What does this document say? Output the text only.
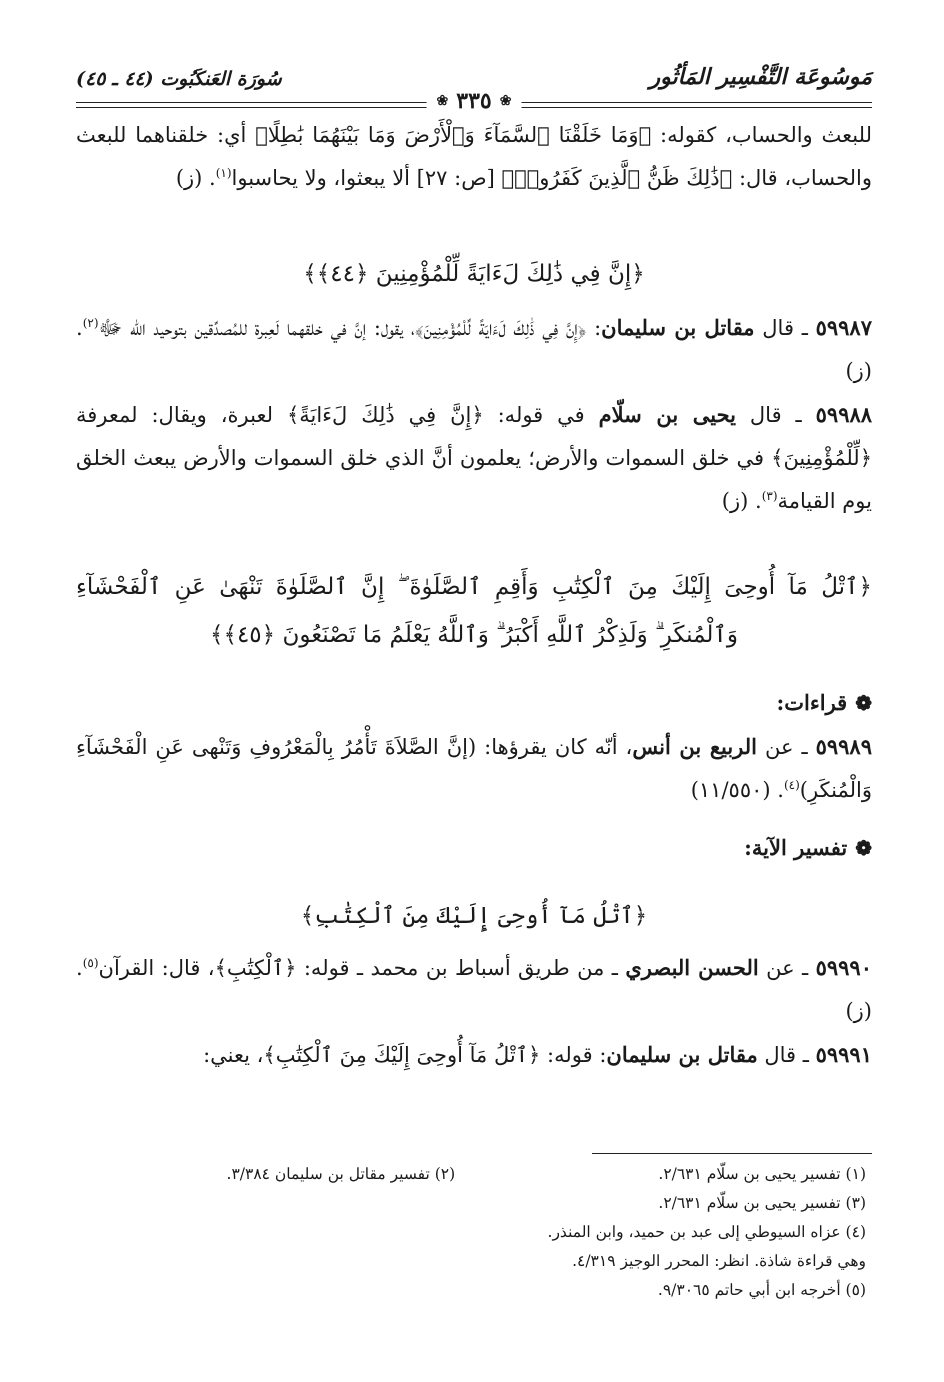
مَوسُوعَة التَّفْسِير المَأثُور
سُورَة العَنكَبُوت (٤٤ ـ ٤٥)
❀
٣٣٥
❀

للبعث والحساب، كقوله: ﴿وَمَا خَلَقْنَا ٱلسَّمَآءَ وَٱلْأَرْضَ وَمَا بَيْنَهُمَا بَٰطِلًا﴾ أي: خلقناهما للبعث والحساب، قال: ﴿ذَٰلِكَ ظَنُّ ٱلَّذِينَ كَفَرُوا۟﴾ [ص: ٢٧] ألا يبعثوا، ولا يحاسبوا$^{(١)}$. (ز)

﴿إِنَّ فِي ذَٰلِكَ لَءَايَةً لِّلْمُؤْمِنِينَ ﴿٤٤﴾﴾

٥٩٩٨٧ ـ قال مقاتل بن سليمان: ﴿إِنَّ فِي ذَٰلِكَ لَءَايَةً لِّلْمُؤْمِنِينَ﴾، يقول: إنَّ في خلقهما لَعِبرة للمُصدِّقين بتوحيد الله ﷻ$^{(٢)}$. (ز)

٥٩٩٨٨ ـ قال يحيى بن سلّام في قوله: ﴿إِنَّ فِي ذَٰلِكَ لَءَايَةً﴾ لعبرة، ويقال: لمعرفة ﴿لِّلْمُؤْمِنِينَ﴾ في خلق السموات والأرض؛ يعلمون أنَّ الذي خلق السموات والأرض يبعث الخلق يوم القيامة$^{(٣)}$. (ز)

﴿ٱتْلُ مَآ أُوحِىَ إِلَيْكَ مِنَ ٱلْكِتَٰبِ وَأَقِمِ ٱلصَّلَوٰةَ ۖ إِنَّ ٱلصَّلَوٰةَ تَنْهَىٰ عَنِ ٱلْفَحْشَآءِ وَٱلْمُنكَرِ ۗ وَلَذِكْرُ ٱللَّهِ أَكْبَرُ ۗ وَٱللَّهُ يَعْلَمُ مَا تَصْنَعُونَ ﴿٤٥﴾﴾

❁قراءات:

٥٩٩٨٩ ـ عن الربيع بن أنس، أنّه كان يقرؤها: (إنَّ الصَّلاَةَ تَأْمُرُ بِالْمَعْرُوفِ وَتَنْهى عَنِ الْفَحْشَآءِ وَالْمُنكَرِ)$^{(٤)}$. (١١/٥٥٠)

❁تفسير الآية:

﴿ٱتْلُ مَآ أُوحِىَ إِلَيْكَ مِنَ ٱلْكِتَٰبِ﴾

٥٩٩٩٠ ـ عن الحسن البصري ـ من طريق أسباط بن محمد ـ قوله: ﴿ٱلْكِتَٰبِ﴾، قال: القرآن$^{(٥)}$. (ز)

٥٩٩٩١ ـ قال مقاتل بن سليمان: قوله: ﴿ٱتْلُ مَآ أُوحِىَ إِلَيْكَ مِنَ ٱلْكِتَٰبِ﴾، يعني:

(١) تفسير يحيى بن سلّام ٢/٦٣١.
(٢) تفسير مقاتل بن سليمان ٣/٣٨٤.
(٣) تفسير يحيى بن سلّام ٢/٦٣١.
(٤) عزاه السيوطي إلى عبد بن حميد، وابن المنذر.
وهي قراءة شاذة. انظر: المحرر الوجيز ٤/٣١٩.
(٥) أخرجه ابن أبي حاتم ٩/٣٠٦٥.
